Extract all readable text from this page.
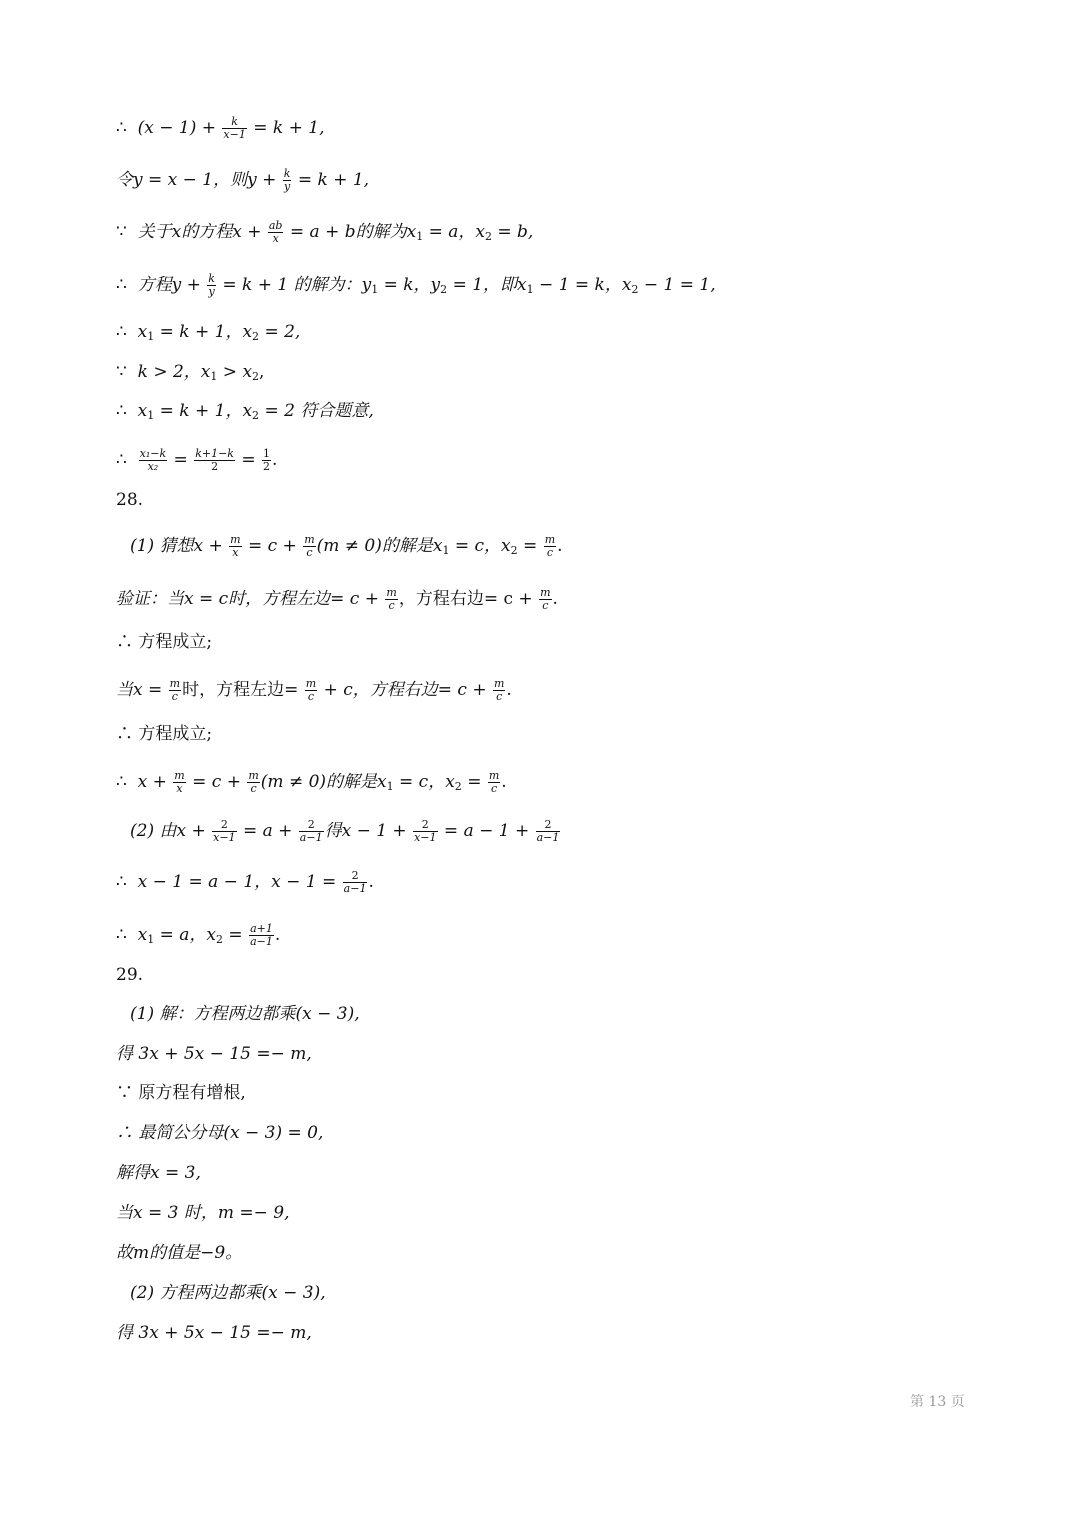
∴ $(x - 1) + \frac{k}{x-1} = k + 1$,
令y = x − 1，则$y + \frac{k}{y} = k + 1$,
∵ 关于x的方程$x + \frac{ab}{x} = a + b$的解为$x_1 = a$，$x_2 = b$,
∴ 方程$y + \frac{k}{y} = k + 1$ 的解为：$y_1 = k$，$y_2 = 1$，即$x_1 - 1 = k$，$x_2 - 1 = 1$,
∴ $x_1 = k + 1$，$x_2 = 2$,
∵ k > 2，$x_1 > x_2$,
∴ $x_1 = k + 1$，$x_2 = 2$ 符合题意,
∴ $\frac{\text{x₁−k}}{\text{x₂}} = \frac{k+1-k}{2} = \frac{1}{2}$ .
28.
(1) 猜想$x + \frac{m}{x} = c + \frac{m}{c} (m \ne 0)$的解是$x_1 = c$，$x_2 = \frac{m}{c}$ .
验证：当x = c时，方程左边= $c + \frac{m}{c}$ ，方程右边= $c + \frac{m}{c}$ .
∴ 方程成立;
当$x = \frac{m}{c}$ 时，方程左边= $\frac{m}{c} + c$，方程右边= $c + \frac{m}{c}$ .
∴ 方程成立;
∴ $x + \frac{m}{x} = c + \frac{m}{c} (m \ne 0)$的解是$x_1 = c$，$x_2 = \frac{m}{c}$ .
(2) 由$x + \frac{2}{x-1} = a + \frac{2}{a-1}$ 得$x - 1 + \frac{2}{x-1} = a - 1 + \frac{2}{a-1}$
∴ x − 1 = a − 1，$x - 1 = \frac{2}{a-1}$ .
∴ $x_1 = a$，$x_2 = \frac{a+1}{a-1}$ .
29.
(1) 解：方程两边都乘(x − 3),
得 3x + 5x − 15 =− m,
∵ 原方程有增根,
∴ 最简公分母(x − 3) = 0,
解得x = 3,
当x = 3 时，m =− 9,
故m的值是−9。
(2) 方程两边都乘(x − 3),
得 3x + 5x − 15 =− m,
第 13 页
